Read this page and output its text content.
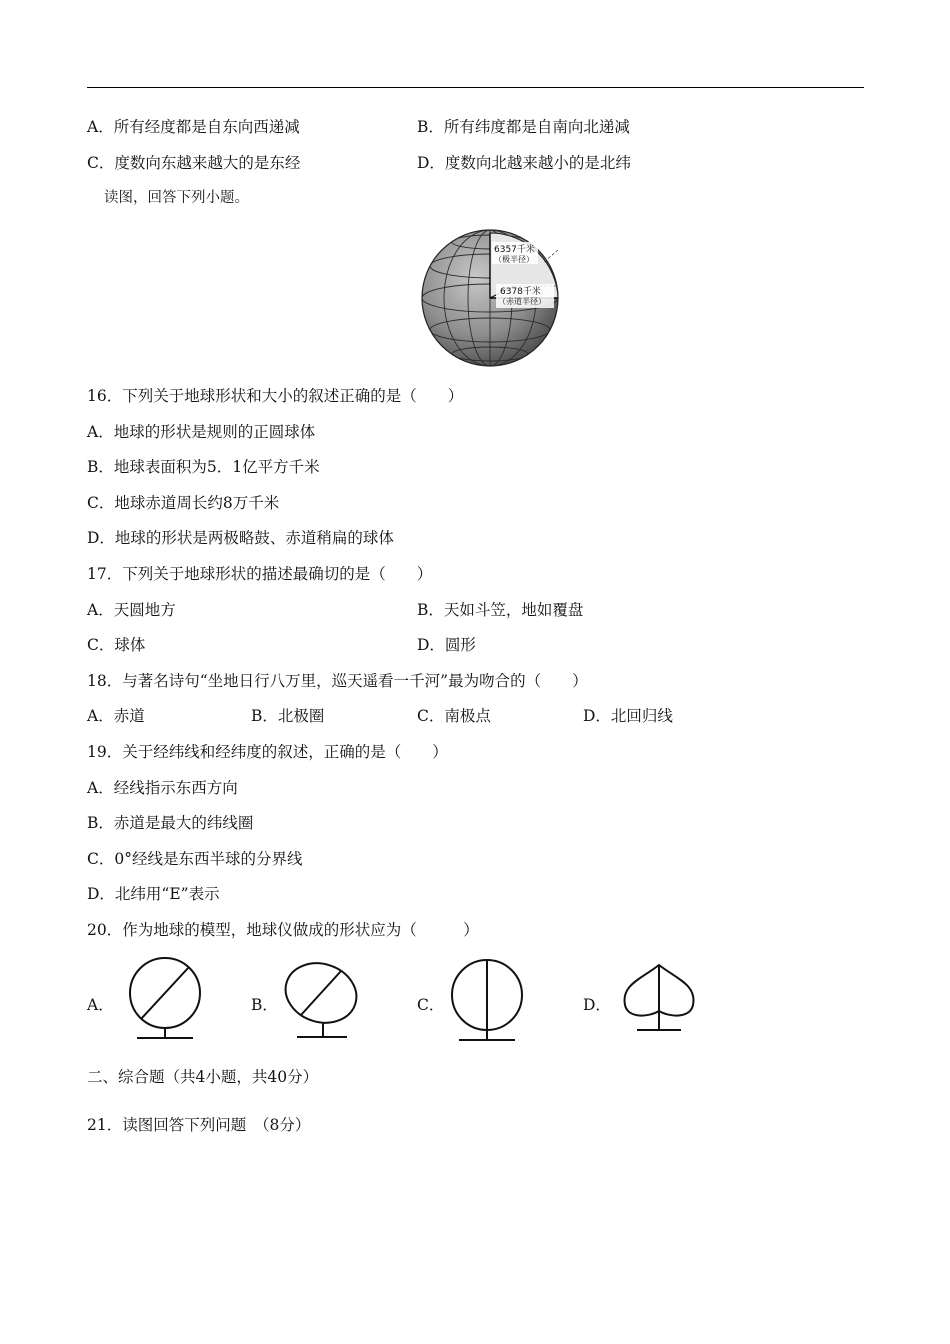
A．所有经度都是自东向西递减	B．所有纬度都是自南向北递减
C．度数向东越来越大的是东经	D．度数向北越来越小的是北纬
读图，回答下列小题。
6357千米
（极半径）
6378千米
（赤道半径）
16．下列关于地球形状和大小的叙述正确的是（　　）
A．地球的形状是规则的正圆球体
B．地球表面积为5．1亿平方千米
C．地球赤道周长约8万千米
D．地球的形状是两极略鼓、赤道稍扁的球体
17．下列关于地球形状的描述最确切的是（　　）
A．天圆地方	B．天如斗笠，地如覆盘
C．球体	D．圆形
18．与著名诗句“坐地日行八万里，巡天遥看一千河”最为吻合的（　　）
A．赤道	B．北极圈	C．南极点	D．北回归线
19．关于经纬线和经纬度的叙述，正确的是（　　）
A．经线指示东西方向
B．赤道是最大的纬线圈
C．0°经线是东西半球的分界线
D．北纬用“E”表示
20．作为地球的模型，地球仪做成的形状应为（　　　）
A．	B．	C．	D．
二、综合题（共4小题，共40分）
21．读图回答下列问题　（8分）
